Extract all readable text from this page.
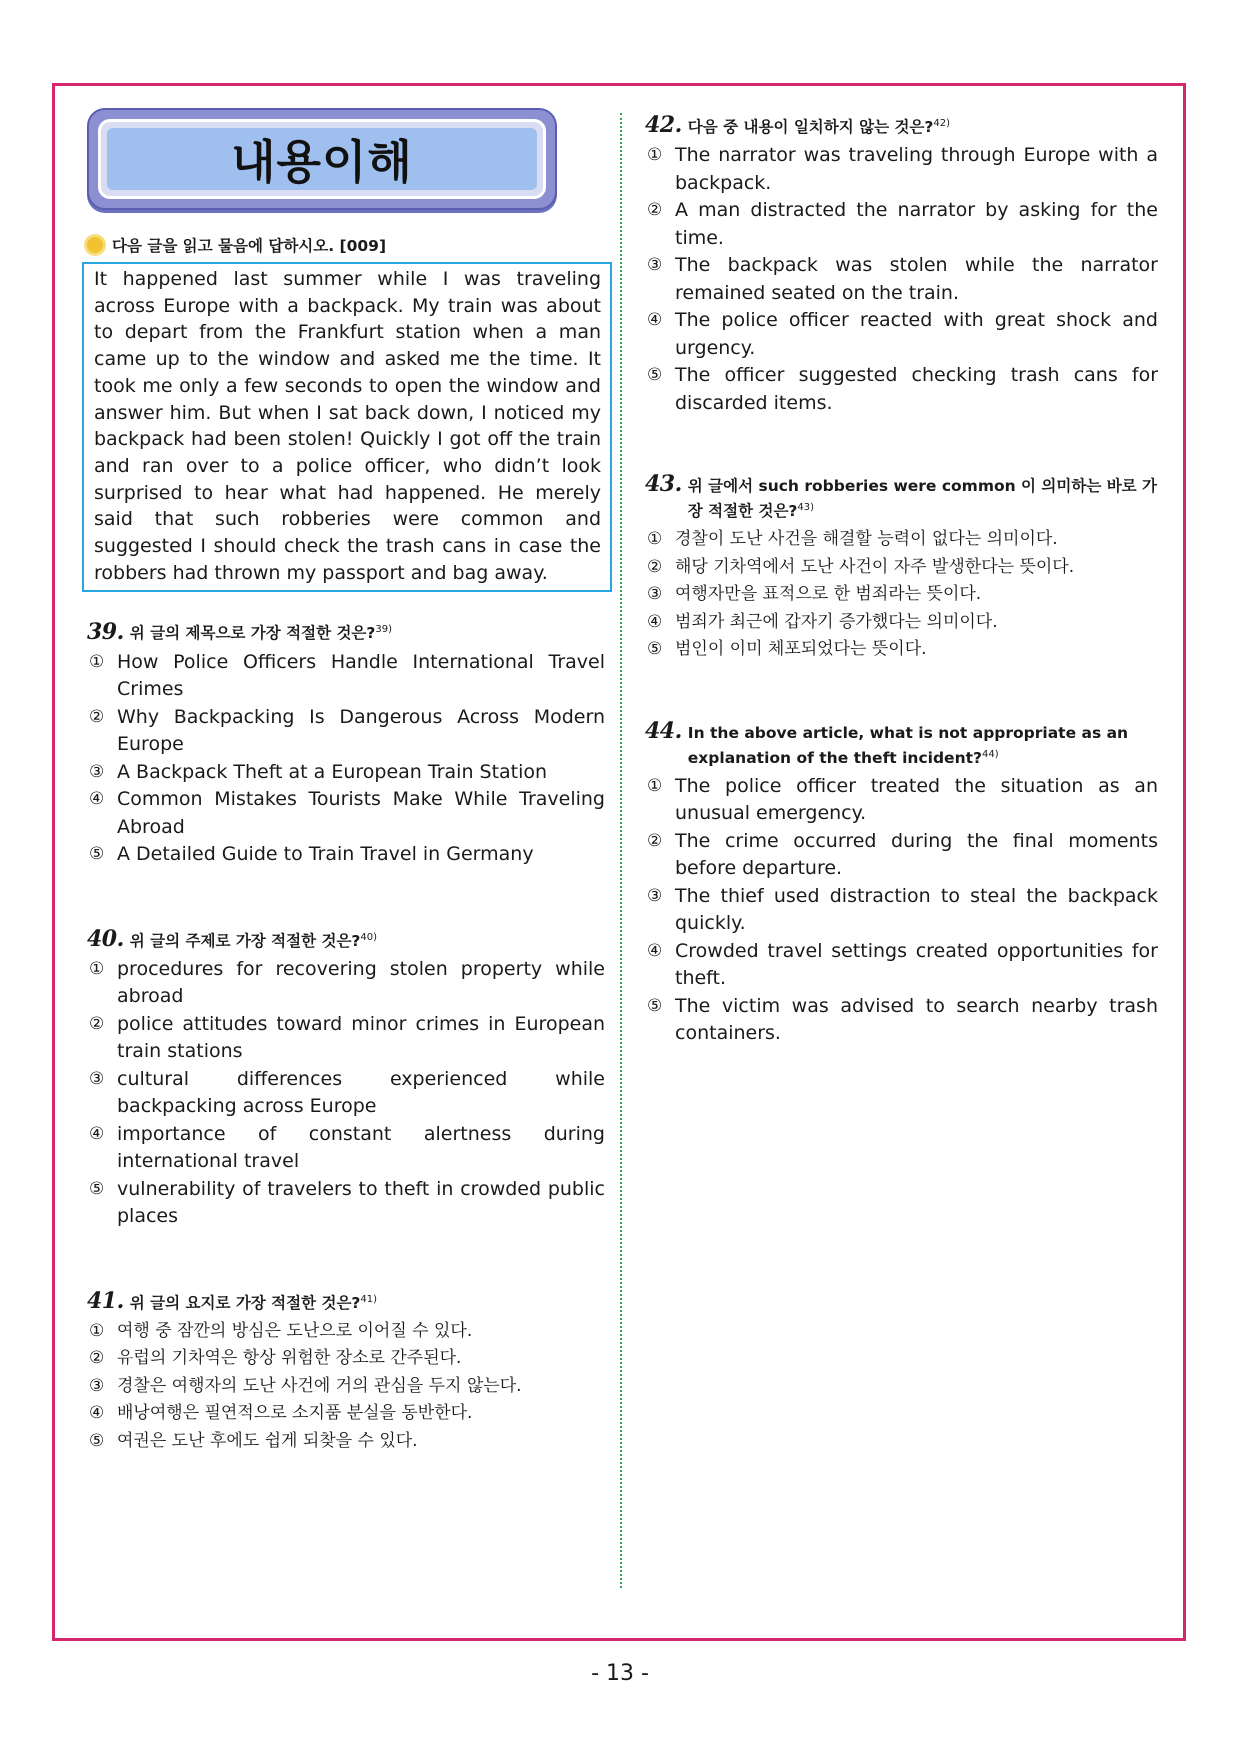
내용이해
다음 글을 읽고 물음에 답하시오. [009]
It happened last summer while I was traveling across Europe with a backpack. My train was about to depart from the Frankfurt station when a man came up to the window and asked me the time. It took me only a few seconds to open the window and answer him. But when I sat back down, I noticed my backpack had been stolen! Quickly I got off the train and ran over to a police officer, who didn’t look surprised to hear what had happened. He merely said that such robberies were common and suggested I should check the trash cans in case the robbers had thrown my passport and bag away.
39 . 위 글의 제목으로 가장 적절한 것은?$^{39)}$
① How Police Officers Handle International Travel Crimes
② Why Backpacking Is Dangerous Across Modern Europe
③ A Backpack Theft at a European Train Station
④ Common Mistakes Tourists Make While Traveling Abroad
⑤ A Detailed Guide to Train Travel in Germany
40 . 위 글의 주제로 가장 적절한 것은?$^{40)}$
① procedures for recovering stolen property while abroad
② police attitudes toward minor crimes in European train stations
③ cultural differences experienced while backpacking across Europe
④ importance of constant alertness during international travel
⑤ vulnerability of travelers to theft in crowded public places
41 . 위 글의 요지로 가장 적절한 것은?$^{41)}$
① 여행 중 잠깐의 방심은 도난으로 이어질 수 있다.
② 유럽의 기차역은 항상 위험한 장소로 간주된다.
③ 경찰은 여행자의 도난 사건에 거의 관심을 두지 않는다.
④ 배낭여행은 필연적으로 소지품 분실을 동반한다.
⑤ 여권은 도난 후에도 쉽게 되찾을 수 있다.
42 . 다음 중 내용이 일치하지 않는 것은?$^{42)}$
① The narrator was traveling through Europe with a backpack.
② A man distracted the narrator by asking for the time.
③ The backpack was stolen while the narrator remained seated on the train.
④ The police officer reacted with great shock and urgency.
⑤ The officer suggested checking trash cans for discarded items.
43 . 위 글에서 such robberies were common 이 의미하는 바로 가장 적절한 것은?$^{43)}$
① 경찰이 도난 사건을 해결할 능력이 없다는 의미이다.
② 해당 기차역에서 도난 사건이 자주 발생한다는 뜻이다.
③ 여행자만을 표적으로 한 범죄라는 뜻이다.
④ 범죄가 최근에 갑자기 증가했다는 의미이다.
⑤ 범인이 이미 체포되었다는 뜻이다.
44 . In the above article, what is not appropriate as an explanation of the theft incident?$^{44)}$
① The police officer treated the situation as an unusual emergency.
② The crime occurred during the final moments before departure.
③ The thief used distraction to steal the backpack quickly.
④ Crowded travel settings created opportunities for theft.
⑤ The victim was advised to search nearby trash containers.
- 13 -
